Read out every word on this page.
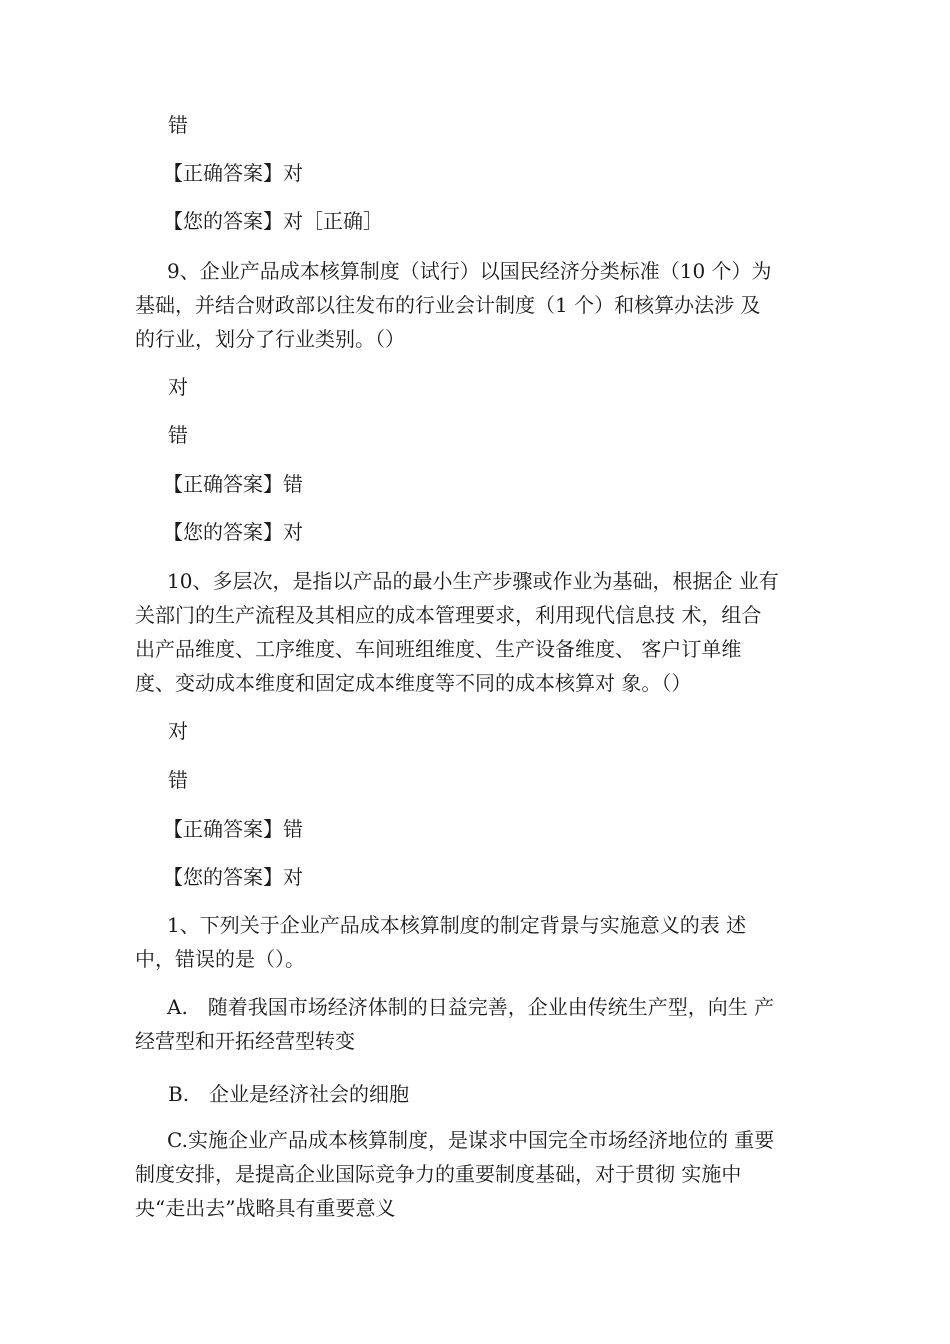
错
【正确答案】对
【您的答案】对［正确］
9、企业产品成本核算制度（试行）以国民经济分类标准（10 个）为
基础，并结合财政部以往发布的行业会计制度（1 个）和核算办法涉 及
的行业，划分了行业类别。（）
对
错
【正确答案】错
【您的答案】对
10、多层次，是指以产品的最小生产步骤或作业为基础，根据企 业有
关部门的生产流程及其相应的成本管理要求，利用现代信息技 术，组合
出产品维度、工序维度、车间班组维度、生产设备维度、 客户订单维
度、变动成本维度和固定成本维度等不同的成本核算对 象。（）
对
错
【正确答案】错
【您的答案】对
1、下列关于企业产品成本核算制度的制定背景与实施意义的表 述
中，错误的是（）。
A.　随着我国市场经济体制的日益完善，企业由传统生产型，向生 产
经营型和开拓经营型转变
B.　企业是经济社会的细胞
C.实施企业产品成本核算制度，是谋求中国完全市场经济地位的 重要
制度安排，是提高企业国际竞争力的重要制度基础，对于贯彻 实施中
央“走出去”战略具有重要意义
